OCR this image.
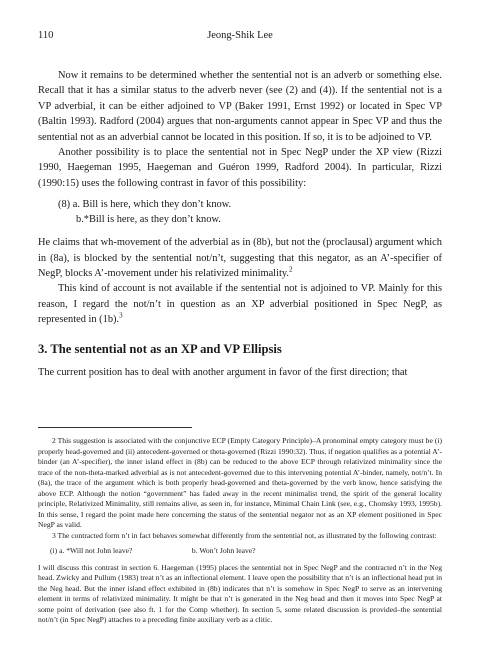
110	Jeong-Shik Lee

Now it remains to be determined whether the sentential not is an adverb or something else. Recall that it has a similar status to the adverb never (see (2) and (4)). If the sentential not is a VP adverbial, it can be either adjoined to VP (Baker 1991, Ernst 1992) or located in Spec VP (Baltin 1993). Radford (2004) argues that non-arguments cannot appear in Spec VP and thus the sentential not as an adverbial cannot be located in this position. If so, it is to be adjoined to VP.

Another possibility is to place the sentential not in Spec NegP under the XP view (Rizzi 1990, Haegeman 1995, Haegeman and Guéron 1999, Radford 2004). In particular, Rizzi (1990:15) uses the following contrast in favor of this possibility:

(8) a. Bill is here, which they don’t know.
b.*Bill is here, as they don’t know.

He claims that wh-movement of the adverbial as in (8b), but not the (proclausal) argument which in (8a), is blocked by the sentential not/n’t, suggesting that this negator, as an A’-specifier of NegP, blocks A’-movement under his relativized minimality.$^2$

This kind of account is not available if the sentential not is adjoined to VP. Mainly for this reason, I regard the not/n’t in question as an XP adverbial positioned in Spec NegP, as represented in (1b).$^3$

3. The sentential not as an XP and VP Ellipsis

The current position has to deal with another argument in favor of the first direction; that

2 This suggestion is associated with the conjunctive ECP (Empty Category Principle)–A pronominal empty category must be (i) properly head-governed and (ii) antecedent-governed or theta-governed (Rizzi 1990:32). Thus, if negation qualifies as a potential A’-binder (an A’-specifier), the inner island effect in (8b) can be reduced to the above ECP through relativized minimality since the trace of the non-theta-marked adverbial as is not antecedent-governed due to this intervening potential A’-binder, namely, not/n’t. In (8a), the trace of the argument which is both properly head-governed and theta-governed by the verb know, hence satisfying the above ECP. Although the notion “government” has faded away in the recent minimalist trend, the spirit of the general locality principle, Relativized Minimality, still remains alive, as seen in, for instance, Minimal Chain Link (see, e.g., Chomsky 1993, 1995b). In this sense, I regard the point made here concerning the status of the sentential negator not as an XP element positioned in Spec NegP as valid.

3 The contracted form n’t in fact behaves somewhat differently from the sentential not, as illustrated by the following contrast:

(i) a. *Will not John leave?	b. Won’t John leave?

I will discuss this contrast in section 6. Haegeman (1995) places the sentential not in Spec NegP and the contracted n’t in the Neg head. Zwicky and Pullum (1983) treat n’t as an inflectional element. I leave open the possibility that n’t is an inflectional head put in the Neg head. But the inner island effect exhibited in (8b) indicates that n’t is somehow in Spec NegP to serve as an intervening element in terms of relativized minimality. It might be that n’t is generated in the Neg head and then it moves into Spec NegP at some point of derivation (see also ft. 1 for the Comp whether). In section 5, some related discussion is provided–the sentential not/n’t (in Spec NegP) attaches to a preceding finite auxiliary verb as a clitic.
